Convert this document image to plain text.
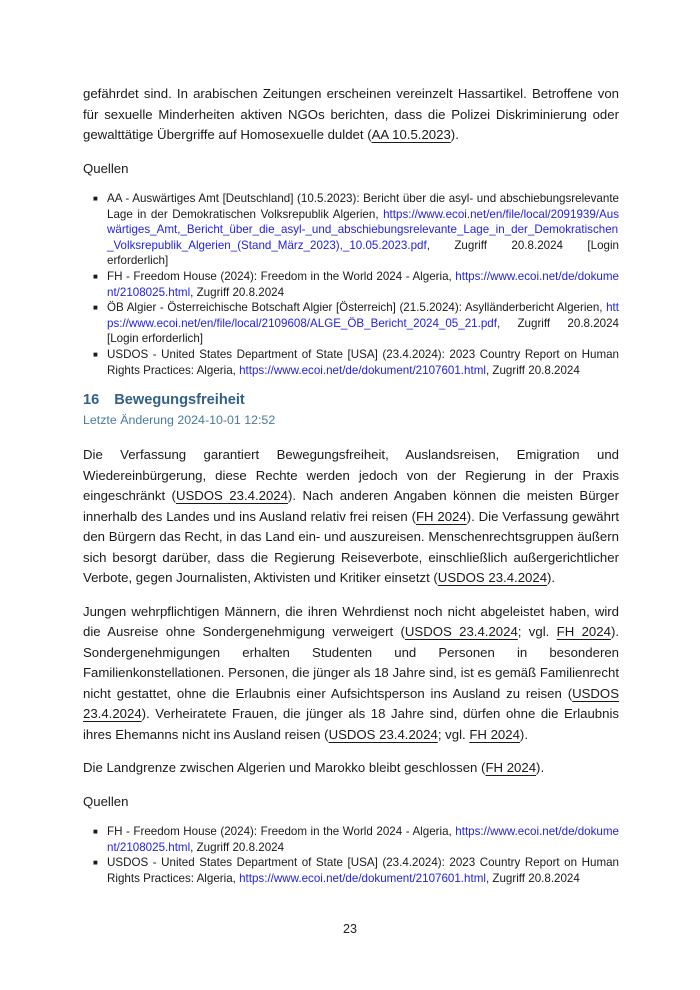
gefährdet sind. In arabischen Zeitungen erscheinen vereinzelt Hassartikel. Betroffene von für sexuelle Minderheiten aktiven NGOs berichten, dass die Polizei Diskriminierung oder gewalttätige Übergriffe auf Homosexuelle duldet (AA 10.5.2023).

Quellen

■ AA - Auswärtiges Amt [Deutschland] (10.5.2023): Bericht über die asyl- und abschiebungsrelevante Lage in der Demokratischen Volksrepublik Algerien, https://www.ecoi.net/en/file/local/2091939/Auswärtiges_Amt,_Bericht_über_die_asyl-_und_abschiebungsrelevante_Lage_in_der_Demokratischen_Volksrepublik_Algerien_(Stand_März_2023),_10.05.2023.pdf, Zugriff 20.8.2024 [Login erforderlich]
■ FH - Freedom House (2024): Freedom in the World 2024 - Algeria, https://www.ecoi.net/de/dokument/2108025.html, Zugriff 20.8.2024
■ ÖB Algier - Österreichische Botschaft Algier [Österreich] (21.5.2024): Asylländerbericht Algerien, https://www.ecoi.net/en/file/local/2109608/ALGE_ÖB_Bericht_2024_05_21.pdf, Zugriff 20.8.2024 [Login erforderlich]
■ USDOS - United States Department of State [USA] (23.4.2024): 2023 Country Report on Human Rights Practices: Algeria, https://www.ecoi.net/de/dokument/2107601.html, Zugriff 20.8.2024
16 Bewegungsfreiheit
Letzte Änderung 2024-10-01 12:52

Die Verfassung garantiert Bewegungsfreiheit, Auslandsreisen, Emigration und Wiedereinbürgerung, diese Rechte werden jedoch von der Regierung in der Praxis eingeschränkt (USDOS 23.4.2024). Nach anderen Angaben können die meisten Bürger innerhalb des Landes und ins Ausland relativ frei reisen (FH 2024). Die Verfassung gewährt den Bürgern das Recht, in das Land ein- und auszureisen. Menschenrechtsgruppen äußern sich besorgt darüber, dass die Regierung Reiseverbote, einschließlich außergerichtlicher Verbote, gegen Journalisten, Aktivisten und Kritiker einsetzt (USDOS 23.4.2024).

Jungen wehrpflichtigen Männern, die ihren Wehrdienst noch nicht abgeleistet haben, wird die Ausreise ohne Sondergenehmigung verweigert (USDOS 23.4.2024; vgl. FH 2024). Sondergenehmigungen erhalten Studenten und Personen in besonderen Familienkonstellationen. Personen, die jünger als 18 Jahre sind, ist es gemäß Familienrecht nicht gestattet, ohne die Erlaubnis einer Aufsichtsperson ins Ausland zu reisen (USDOS 23.4.2024). Verheiratete Frauen, die jünger als 18 Jahre sind, dürfen ohne die Erlaubnis ihres Ehemanns nicht ins Ausland reisen (USDOS 23.4.2024; vgl. FH 2024).

Die Landgrenze zwischen Algerien und Marokko bleibt geschlossen (FH 2024).

Quellen

■ FH - Freedom House (2024): Freedom in the World 2024 - Algeria, https://www.ecoi.net/de/dokument/2108025.html, Zugriff 20.8.2024
■ USDOS - United States Department of State [USA] (23.4.2024): 2023 Country Report on Human Rights Practices: Algeria, https://www.ecoi.net/de/dokument/2107601.html, Zugriff 20.8.2024
23
